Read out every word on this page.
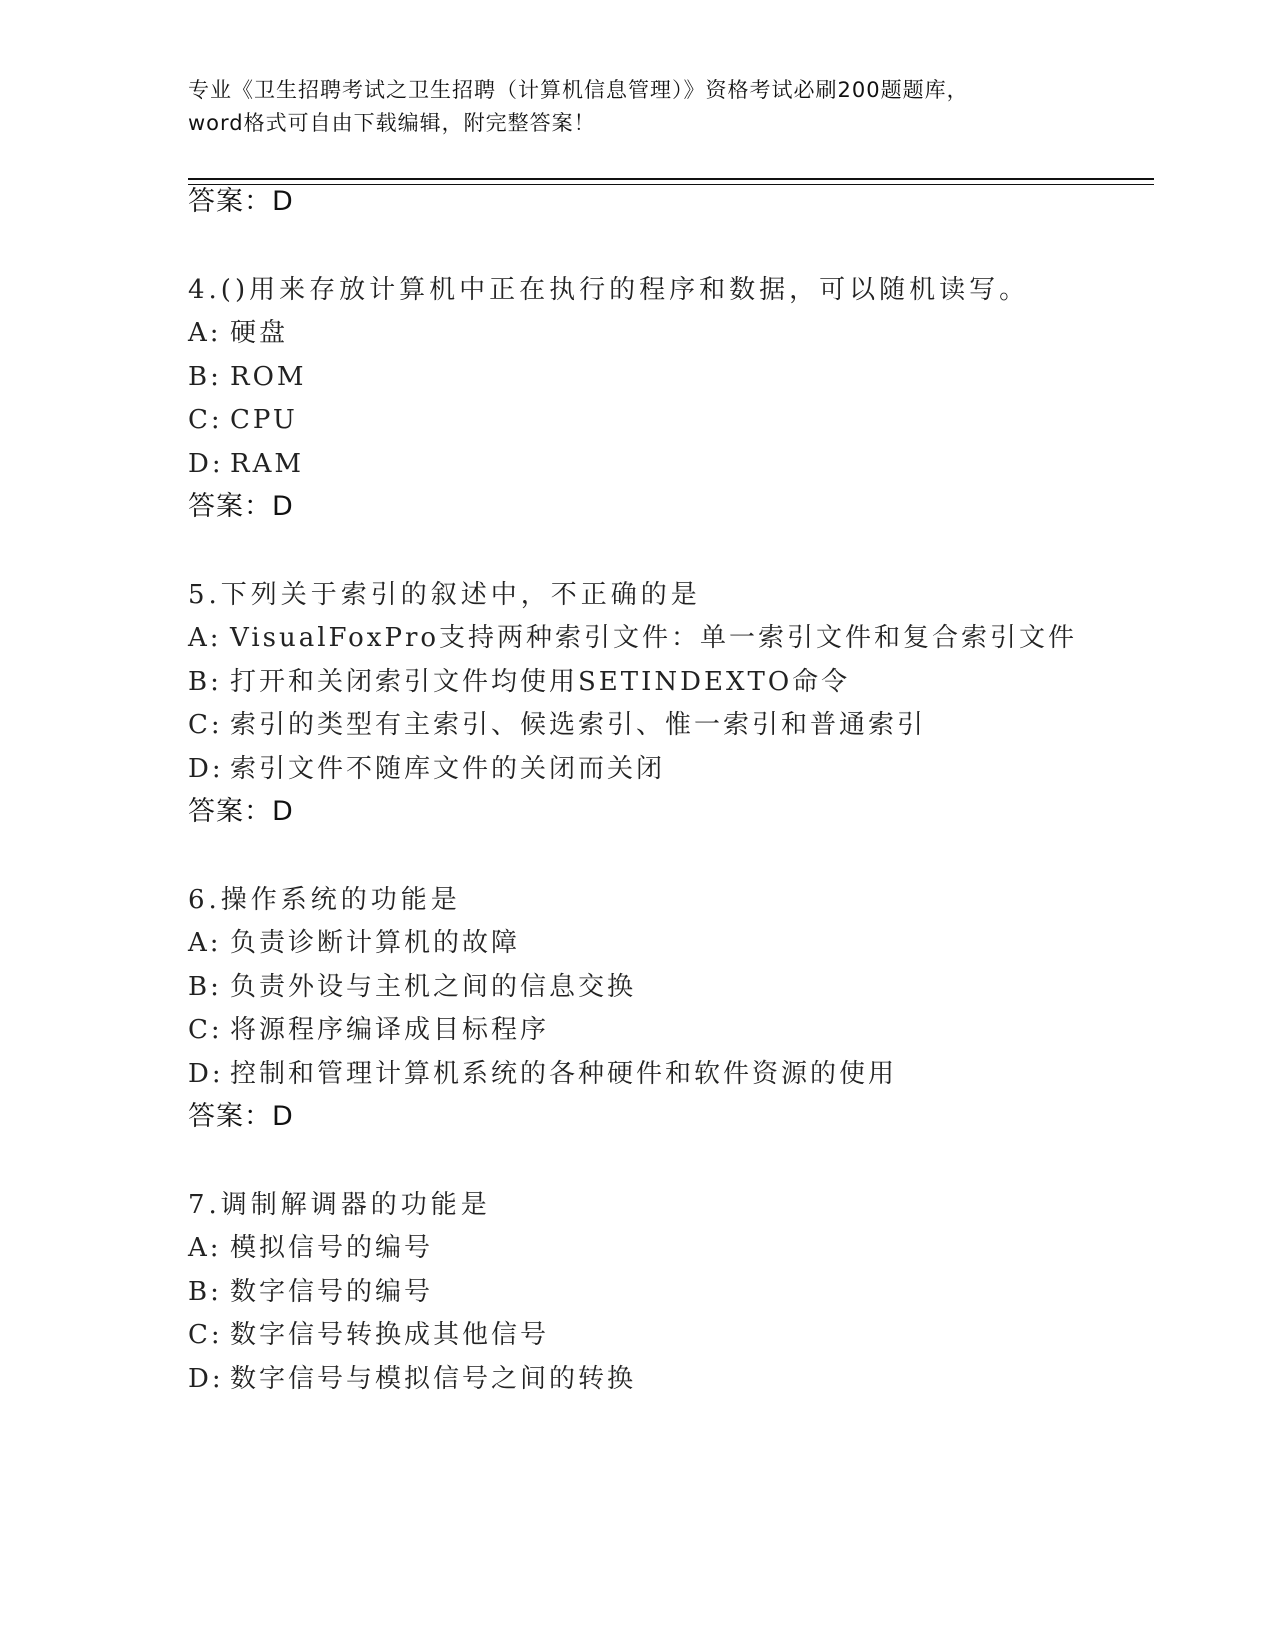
专业《卫生招聘考试之卫生招聘（计算机信息管理）》资格考试必刷200题题库，
word格式可自由下载编辑，附完整答案！
答案：D
4.()用来存放计算机中正在执行的程序和数据，可以随机读写。
A: 硬盘
B: ROM
C: CPU
D: RAM
答案：D
5.下列关于索引的叙述中，不正确的是
A: VisualFoxPro支持两种索引文件：单一索引文件和复合索引文件
B: 打开和关闭索引文件均使用SETINDEXTO命令
C: 索引的类型有主索引、候选索引、惟一索引和普通索引
D: 索引文件不随库文件的关闭而关闭
答案：D
6.操作系统的功能是
A: 负责诊断计算机的故障
B: 负责外设与主机之间的信息交换
C: 将源程序编译成目标程序
D: 控制和管理计算机系统的各种硬件和软件资源的使用
答案：D
7.调制解调器的功能是
A: 模拟信号的编号
B: 数字信号的编号
C: 数字信号转换成其他信号
D: 数字信号与模拟信号之间的转换
